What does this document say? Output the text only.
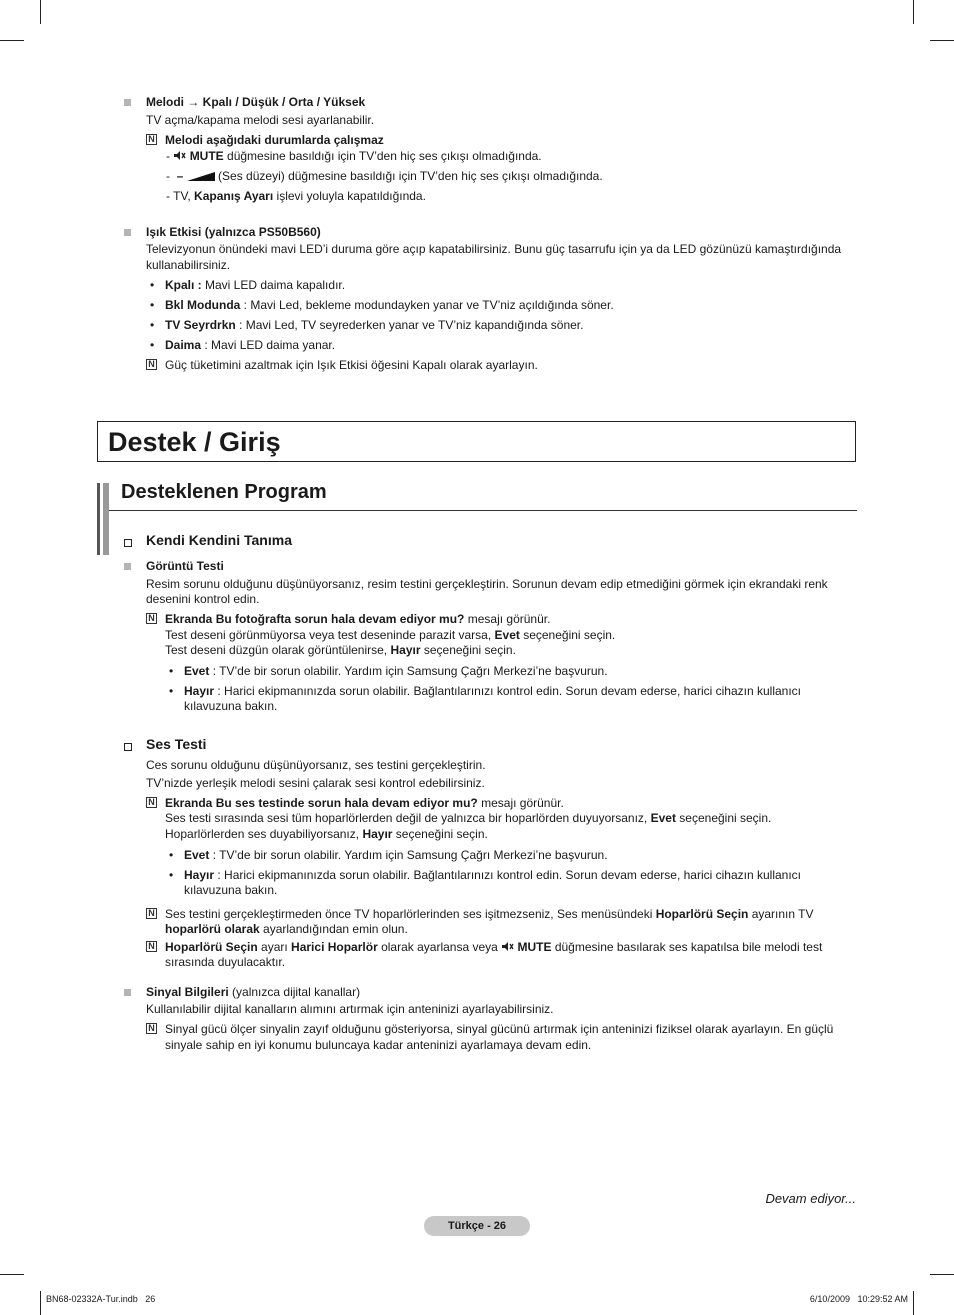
Melodi → Kpalı / Düşük / Orta / Yüksek
TV açma/kapama melodi sesi ayarlanabilir.
N Melodi aşağıdaki durumlarda çalışmaz
- MUTE düğmesine basıldığı için TV’den hiç ses çıkışı olmadığında.
- –	(Ses düzeyi) düğmesine basıldığı için TV’den hiç ses çıkışı olmadığında.
- TV, Kapanış Ayarı işlevi yoluyla kapatıldığında.
Işık Etkisi (yalnızca PS50B560)
Televizyonun önündeki mavi LED’i duruma göre açıp kapatabilirsiniz. Bunu güç tasarrufu için ya da LED gözünüzü kamaştırdığında
kullanabilirsiniz.
• Kpalı : Mavi LED daima kapalıdır.
• Bkl Modunda : Mavi Led, bekleme modundayken yanar ve TV’niz açıldığında söner.
• TV Seyrdrkn : Mavi Led, TV seyrederken yanar ve TV’niz kapandığında söner.
• Daima : Mavi LED daima yanar.
N Güç tüketimini azaltmak için Işık Etkisi öğesini Kapalı olarak ayarlayın.
Destek / Giriş
Desteklenen Program
Kendi Kendini Tanıma
Görüntü Testi
Resim sorunu olduğunu düşünüyorsanız, resim testini gerçekleştirin. Sorunun devam edip etmediğini görmek için ekrandaki renk
desenini kontrol edin.
N Ekranda Bu fotoğrafta sorun hala devam ediyor mu? mesajı görünür.
Test deseni görünmüyorsa veya test deseninde parazit varsa, Evet seçeneğini seçin.
Test deseni düzgün olarak görüntülenirse, Hayır seçeneğini seçin.
• Evet : TV’de bir sorun olabilir. Yardım için Samsung Çağrı Merkezi’ne başvurun.
• Hayır : Harici ekipmanınızda sorun olabilir. Bağlantılarınızı kontrol edin. Sorun devam ederse, harici cihazın kullanıcı
kılavuzuna bakın.
Ses Testi
Ces sorunu olduğunu düşünüyorsanız, ses testini gerçekleştirin.
TV’nizde yerleşik melodi sesini çalarak sesi kontrol edebilirsiniz.
N Ekranda Bu ses testinde sorun hala devam ediyor mu? mesajı görünür.
Ses testi sırasında sesi tüm hoparlörlerden değil de yalnızca bir hoparlörden duyuyorsanız, Evet seçeneğini seçin.
Hoparlörlerden ses duyabiliyorsanız, Hayır seçeneğini seçin.
• Evet : TV’de bir sorun olabilir. Yardım için Samsung Çağrı Merkezi’ne başvurun.
• Hayır : Harici ekipmanınızda sorun olabilir. Bağlantılarınızı kontrol edin. Sorun devam ederse, harici cihazın kullanıcı
kılavuzuna bakın.
N Ses testini gerçekleştirmeden önce TV hoparlörlerinden ses işitmezseniz, Ses menüsündeki Hoparlörü Seçin ayarının TV
hoparlörü olarak ayarlandığından emin olun.
N Hoparlörü Seçin ayarı Harici Hoparlör olarak ayarlansa veya  MUTE düğmesine basılarak ses kapatılsa bile melodi test
sırasında duyulacaktır.
Sinyal Bilgileri (yalnızca dijital kanallar)
Kullanılabilir dijital kanalların alımını artırmak için anteninizi ayarlayabilirsiniz.
N Sinyal gücü ölçer sinyalin zayıf olduğunu gösteriyorsa, sinyal gücünü artırmak için anteninizi fiziksel olarak ayarlayın. En güçlü
sinyale sahip en iyi konumu buluncaya kadar anteninizi ayarlamaya devam edin.
Devam ediyor...
Türkçe - 26
BN68-02332A-Tur.indb   26	6/10/2009   10:29:52 AM
